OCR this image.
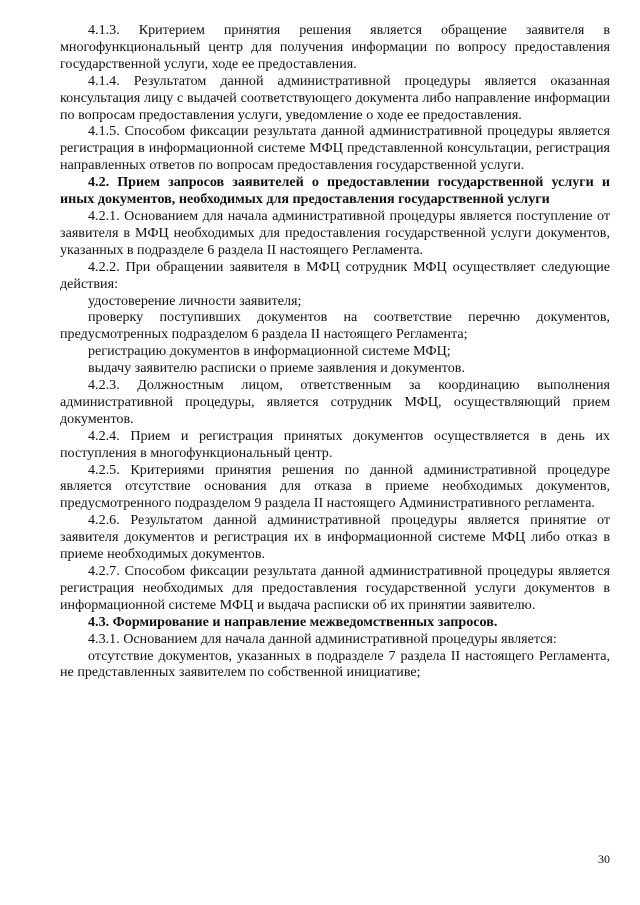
4.1.3. Критерием принятия решения является обращение заявителя в многофункциональный центр для получения информации по вопросу предоставления государственной услуги, ходе ее предоставления.

4.1.4. Результатом данной административной процедуры является оказанная консультация лицу с выдачей соответствующего документа либо направление информации по вопросам предоставления услуги, уведомление о ходе ее предоставления.

4.1.5. Способом фиксации результата данной административной процедуры является регистрация в информационной системе МФЦ представленной консультации, регистрация направленных ответов по вопросам предоставления государственной услуги.

4.2. Прием запросов заявителей о предоставлении государственной услуги и иных документов, необходимых для предоставления государственной услуги

4.2.1. Основанием для начала административной процедуры является поступление от заявителя в МФЦ необходимых для предоставления государственной услуги документов, указанных в подразделе 6 раздела II настоящего Регламента.

4.2.2. При обращении заявителя в МФЦ сотрудник МФЦ осуществляет следующие действия:

удостоверение личности заявителя;

проверку поступивших документов на соответствие перечню документов, предусмотренных подразделом 6 раздела II настоящего Регламента;

регистрацию документов в информационной системе МФЦ;

выдачу заявителю расписки о приеме заявления и документов.

4.2.3. Должностным лицом, ответственным за координацию выполнения административной процедуры, является сотрудник МФЦ, осуществляющий прием документов.

4.2.4. Прием и регистрация принятых документов осуществляется в день их поступления в многофункциональный центр.

4.2.5. Критериями принятия решения по данной административной процедуре является отсутствие основания для отказа в приеме необходимых документов, предусмотренного подразделом 9 раздела II настоящего Административного регламента.

4.2.6. Результатом данной административной процедуры является принятие от заявителя документов и регистрация их в информационной системе МФЦ либо отказ в приеме необходимых документов.

4.2.7. Способом фиксации результата данной административной процедуры является регистрация необходимых для предоставления государственной услуги документов в информационной системе МФЦ и выдача расписки об их принятии заявителю.

4.3. Формирование и направление межведомственных запросов.

4.3.1. Основанием для начала данной административной процедуры является:

отсутствие документов, указанных в подразделе 7 раздела II настоящего Регламента, не представленных заявителем по собственной инициативе;

30
